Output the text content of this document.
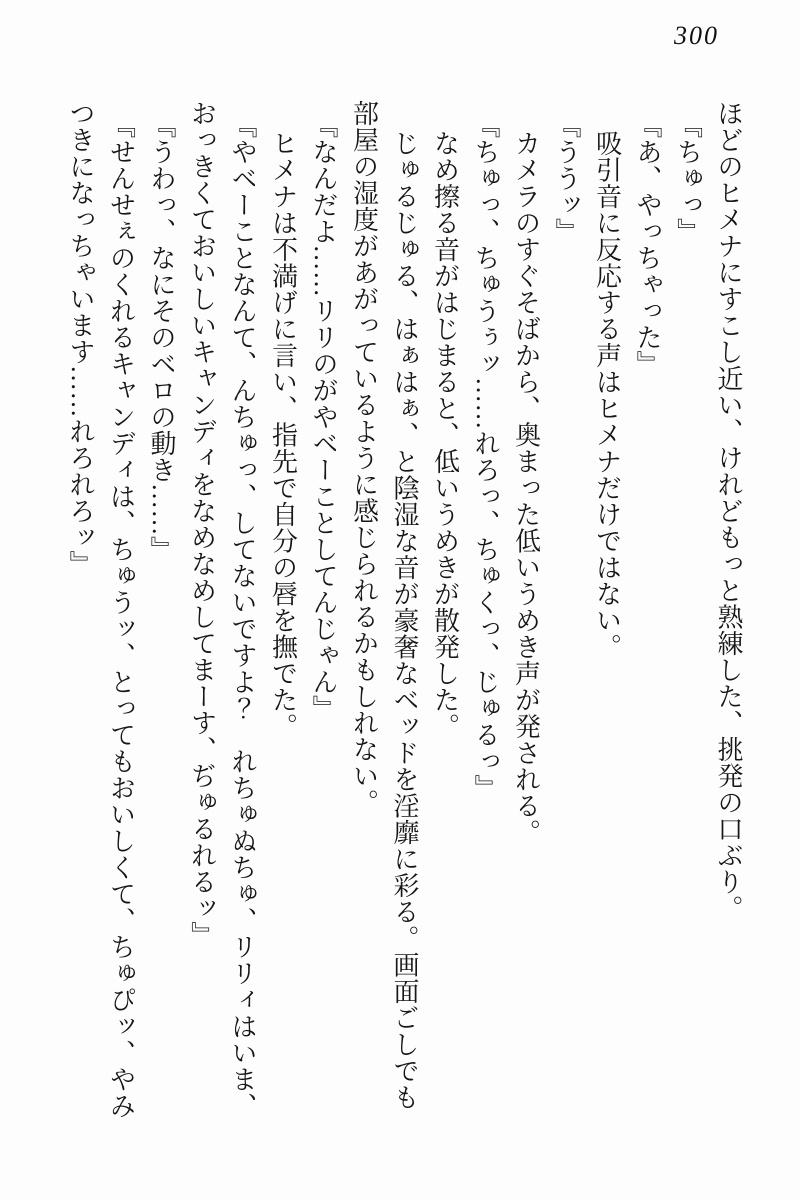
300
ほどのヒメナにすこし近い、けれどもっと熟練した、挑発の口ぶり。
『ちゅっ』
『あ、やっちゃった』
吸引音に反応する声はヒメナだけではない。
『ううッ』
カメラのすぐそばから、奥まった低いうめき声が発される。
『ちゅっ、ちゅうぅッ……れろっ、ちゅくっ、じゅるっ』
なめ擦る音がはじまると、低いうめきが散発した。
じゅるじゅる、はぁはぁ、と陰湿な音が豪奢なベッドを淫靡に彩る。画面ごしでも
部屋の湿度があがっているように感じられるかもしれない。
『なんだよ……リリのがやベーことしてんじゃん』
ヒメナは不満げに言い、指先で自分の唇を撫でた。
『やベーことなんて、んちゅっ、してないですよ？　れちゅぬちゅ、リリィはいま、
おっきくておいしいキャンディをなめなめしてまーす、ぢゅるれるッ』
『うわっ、なにそのベロの動き……』
『せんせぇのくれるキャンディは、ちゅうッ、とってもおいしくて、ちゅぴッ、やみ
つきになっちゃいます……れろれろッ』
